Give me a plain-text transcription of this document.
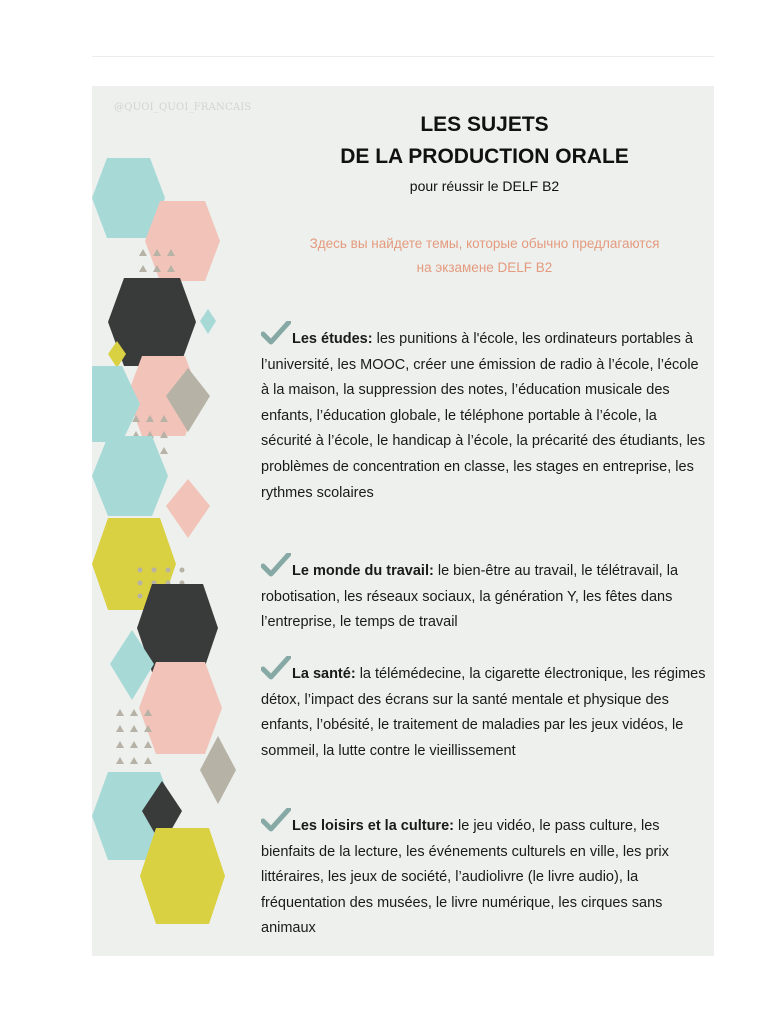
@QUOI_QUOI_FRANCAIS
LES SUJETS
DE LA PRODUCTION ORALE

pour réussir le DELF B2

Здесь вы найдете темы, которые обычно предлагаются
на экзамене DELF B2

Les études: les punitions à l'école, les ordinateurs portables à l’université, les MOOC, créer une émission de radio à l’école, l’école à la maison, la suppression des notes, l’éducation musicale des enfants, l’éducation globale, le téléphone portable à l’école, la sécurité à l’école, le handicap à l’école, la précarité des étudiants, les problèmes de concentration en classe, les stages en entreprise, les rythmes scolaires

Le monde du travail: le bien-être au travail, le télétravail, la robotisation, les réseaux sociaux, la génération Y, les fêtes dans l’entreprise, le temps de travail

La santé: la télémédecine, la cigarette électronique, les régimes détox, l’impact des écrans sur la santé mentale et physique des enfants, l’obésité, le traitement de maladies par les jeux vidéos, le sommeil, la lutte contre le vieillissement

Les loisirs et la culture: le jeu vidéo, le pass culture, les bienfaits de la lecture, les événements culturels en ville, les prix littéraires, les jeux de société, l’audiolivre (le livre audio), la fréquentation des musées, le livre numérique, les cirques sans animaux
